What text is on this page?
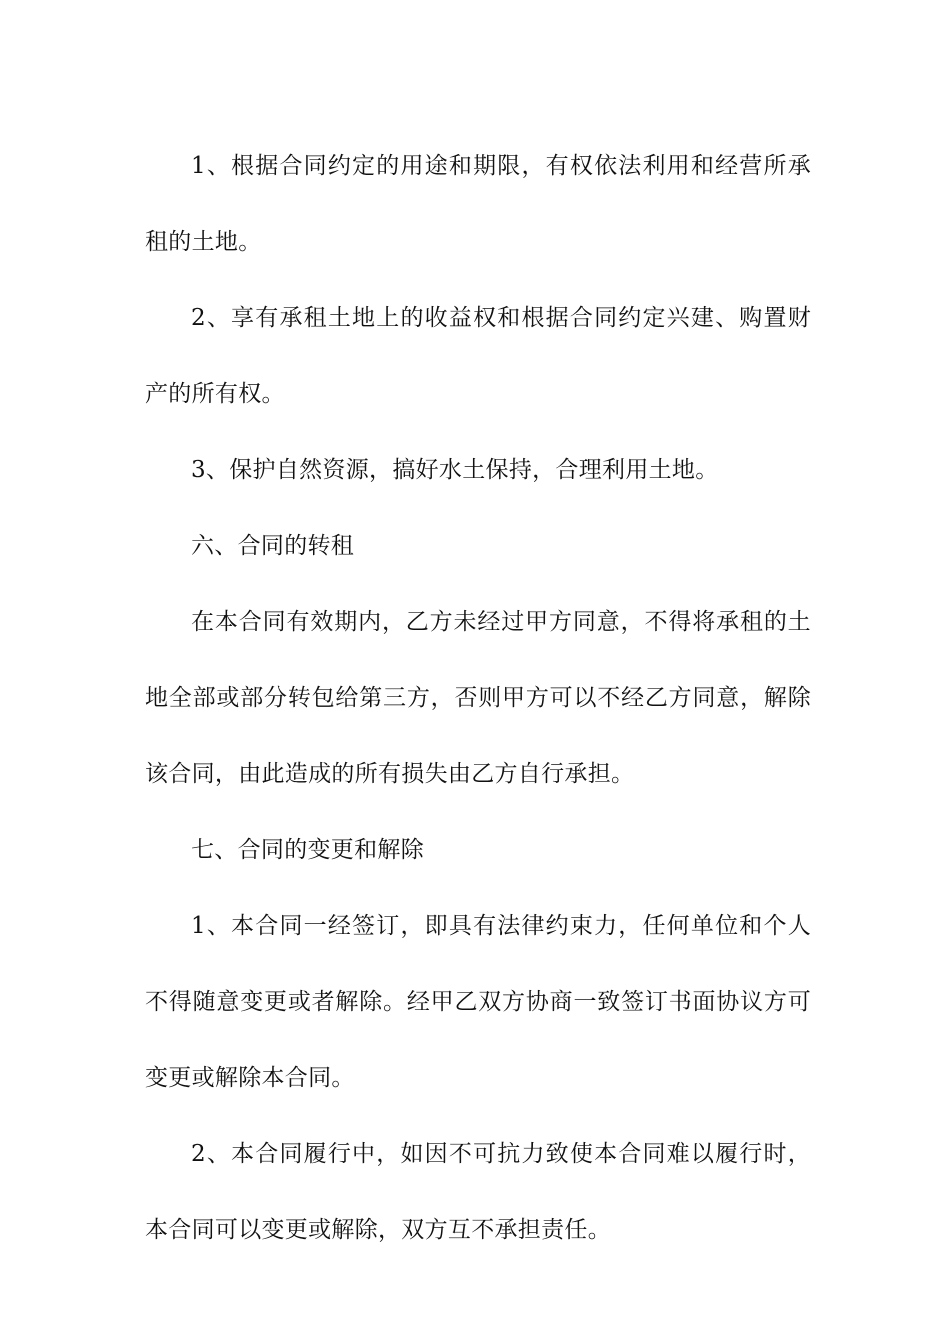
1、根据合同约定的用途和期限，有权依法利用和经营所承租的土地。

2、享有承租土地上的收益权和根据合同约定兴建、购置财产的所有权。

3、保护自然资源，搞好水土保持，合理利用土地。

六、合同的转租

在本合同有效期内，乙方未经过甲方同意，不得将承租的土地全部或部分转包给第三方，否则甲方可以不经乙方同意，解除该合同，由此造成的所有损失由乙方自行承担。

七、合同的变更和解除

1、本合同一经签订，即具有法律约束力，任何单位和个人不得随意变更或者解除。经甲乙双方协商一致签订书面协议方可变更或解除本合同。

2、本合同履行中，如因不可抗力致使本合同难以履行时，本合同可以变更或解除，双方互不承担责任。
